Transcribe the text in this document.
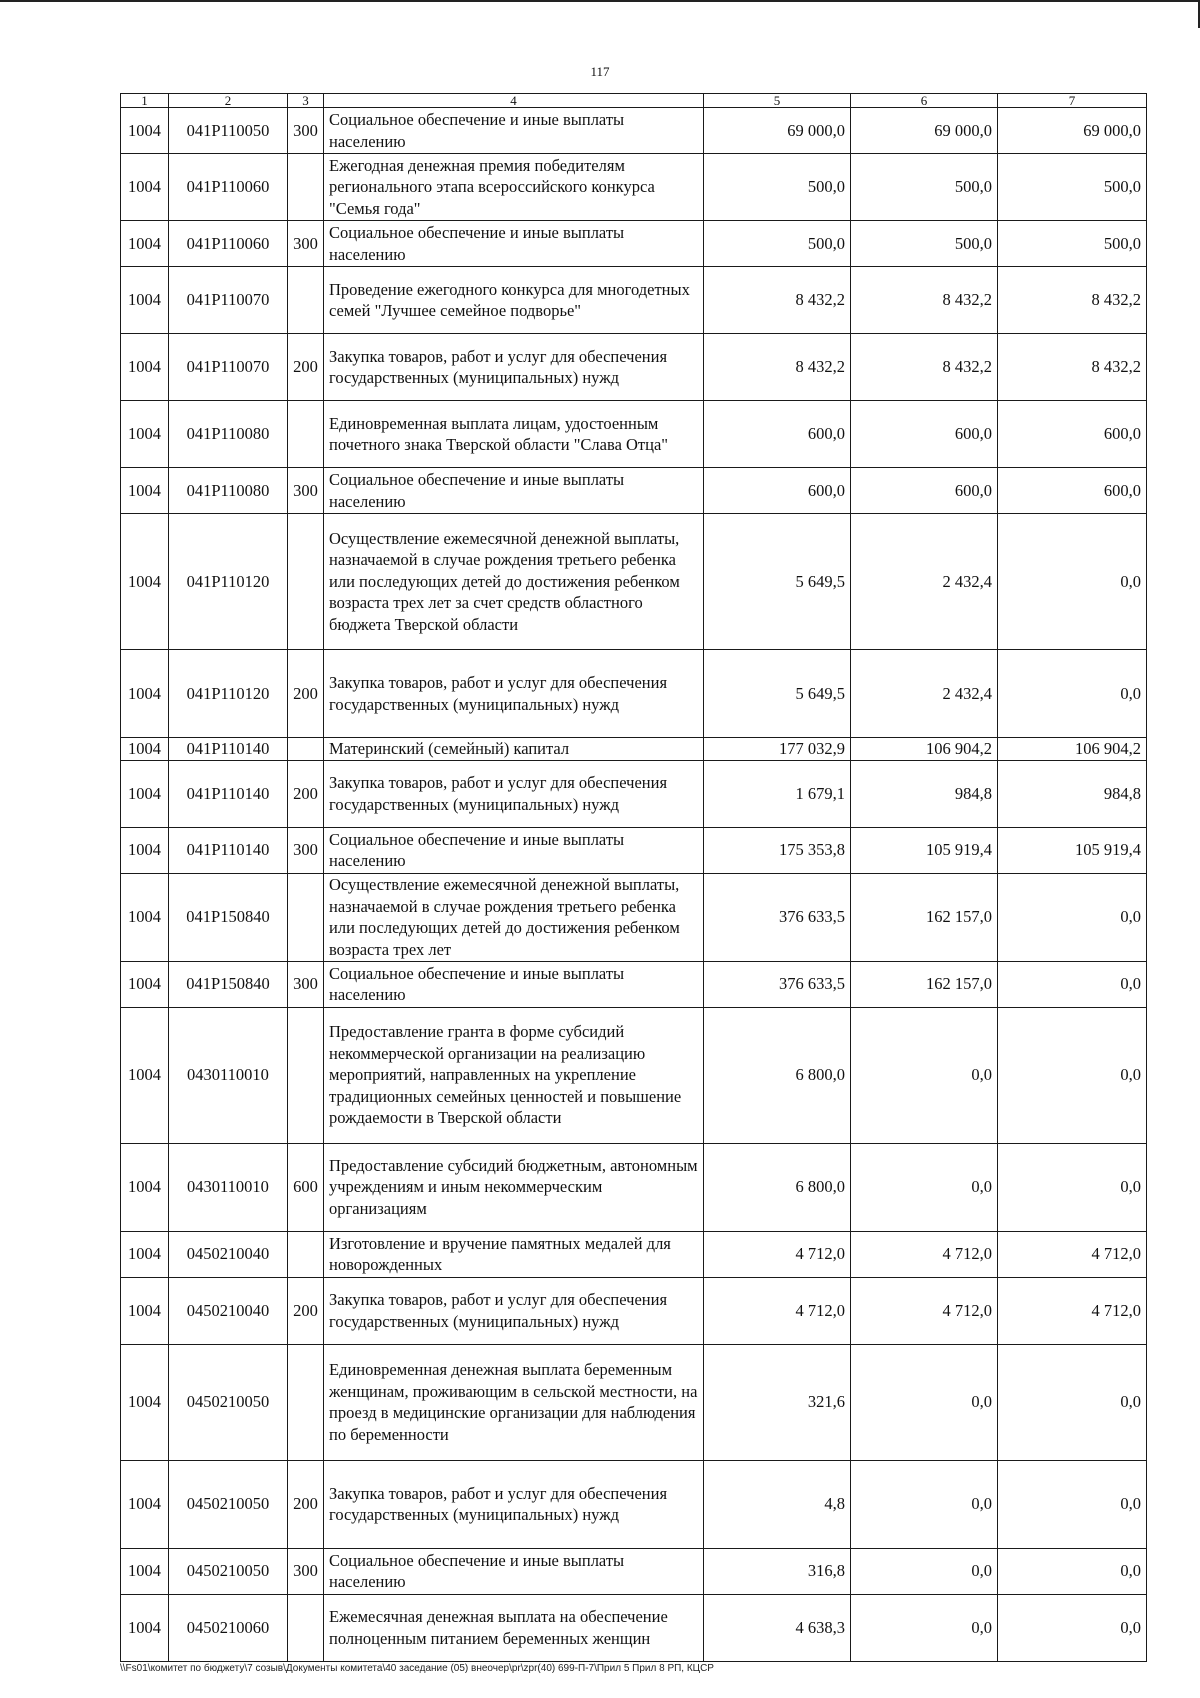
117
1	2	3	4	5	6	7
1004	041Р110050	300	Социальное обеспечение и иные выплаты населению	69 000,0	69 000,0	69 000,0
1004	041Р110060		Ежегодная денежная премия победителям регионального этапа всероссийского конкурса "Семья года"	500,0	500,0	500,0
1004	041Р110060	300	Социальное обеспечение и иные выплаты населению	500,0	500,0	500,0
1004	041Р110070		Проведение ежегодного конкурса для многодетных семей "Лучшее семейное подворье"	8 432,2	8 432,2	8 432,2
1004	041Р110070	200	Закупка товаров, работ и услуг для обеспечения государственных (муниципальных) нужд	8 432,2	8 432,2	8 432,2
1004	041Р110080		Единовременная выплата лицам, удостоенным почетного знака Тверской области "Слава Отца"	600,0	600,0	600,0
1004	041Р110080	300	Социальное обеспечение и иные выплаты населению	600,0	600,0	600,0
1004	041Р110120		Осуществление ежемесячной денежной выплаты, назначаемой в случае рождения третьего ребенка или последующих детей до достижения ребенком возраста трех лет за счет средств областного бюджета Тверской области	5 649,5	2 432,4	0,0
1004	041Р110120	200	Закупка товаров, работ и услуг для обеспечения государственных (муниципальных) нужд	5 649,5	2 432,4	0,0
1004	041Р110140		Материнский (семейный) капитал	177 032,9	106 904,2	106 904,2
1004	041Р110140	200	Закупка товаров, работ и услуг для обеспечения государственных (муниципальных) нужд	1 679,1	984,8	984,8
1004	041Р110140	300	Социальное обеспечение и иные выплаты населению	175 353,8	105 919,4	105 919,4
1004	041Р150840		Осуществление ежемесячной денежной выплаты, назначаемой в случае рождения третьего ребенка или последующих детей до достижения ребенком возраста трех лет	376 633,5	162 157,0	0,0
1004	041Р150840	300	Социальное обеспечение и иные выплаты населению	376 633,5	162 157,0	0,0
1004	0430110010		Предоставление гранта в форме субсидий некоммерческой организации на реализацию мероприятий, направленных на укрепление традиционных семейных ценностей и повышение рождаемости в Тверской области	6 800,0	0,0	0,0
1004	0430110010	600	Предоставление субсидий бюджетным, автономным учреждениям и иным некоммерческим организациям	6 800,0	0,0	0,0
1004	0450210040		Изготовление и вручение памятных медалей для новорожденных	4 712,0	4 712,0	4 712,0
1004	0450210040	200	Закупка товаров, работ и услуг для обеспечения государственных (муниципальных) нужд	4 712,0	4 712,0	4 712,0
1004	0450210050		Единовременная денежная выплата беременным женщинам, проживающим в сельской местности, на проезд в медицинские организации для наблюдения по беременности	321,6	0,0	0,0
1004	0450210050	200	Закупка товаров, работ и услуг для обеспечения государственных (муниципальных) нужд	4,8	0,0	0,0
1004	0450210050	300	Социальное обеспечение и иные выплаты населению	316,8	0,0	0,0
1004	0450210060		Ежемесячная денежная выплата на обеспечение полноценным питанием беременных женщин	4 638,3	0,0	0,0
\\Fs01\комитет по бюджету\7 созыв\Документы комитета\40 заседание (05) внеочер\pr\zpr(40) 699-П-7\Прил 5 Прил 8 РП, КЦСР
